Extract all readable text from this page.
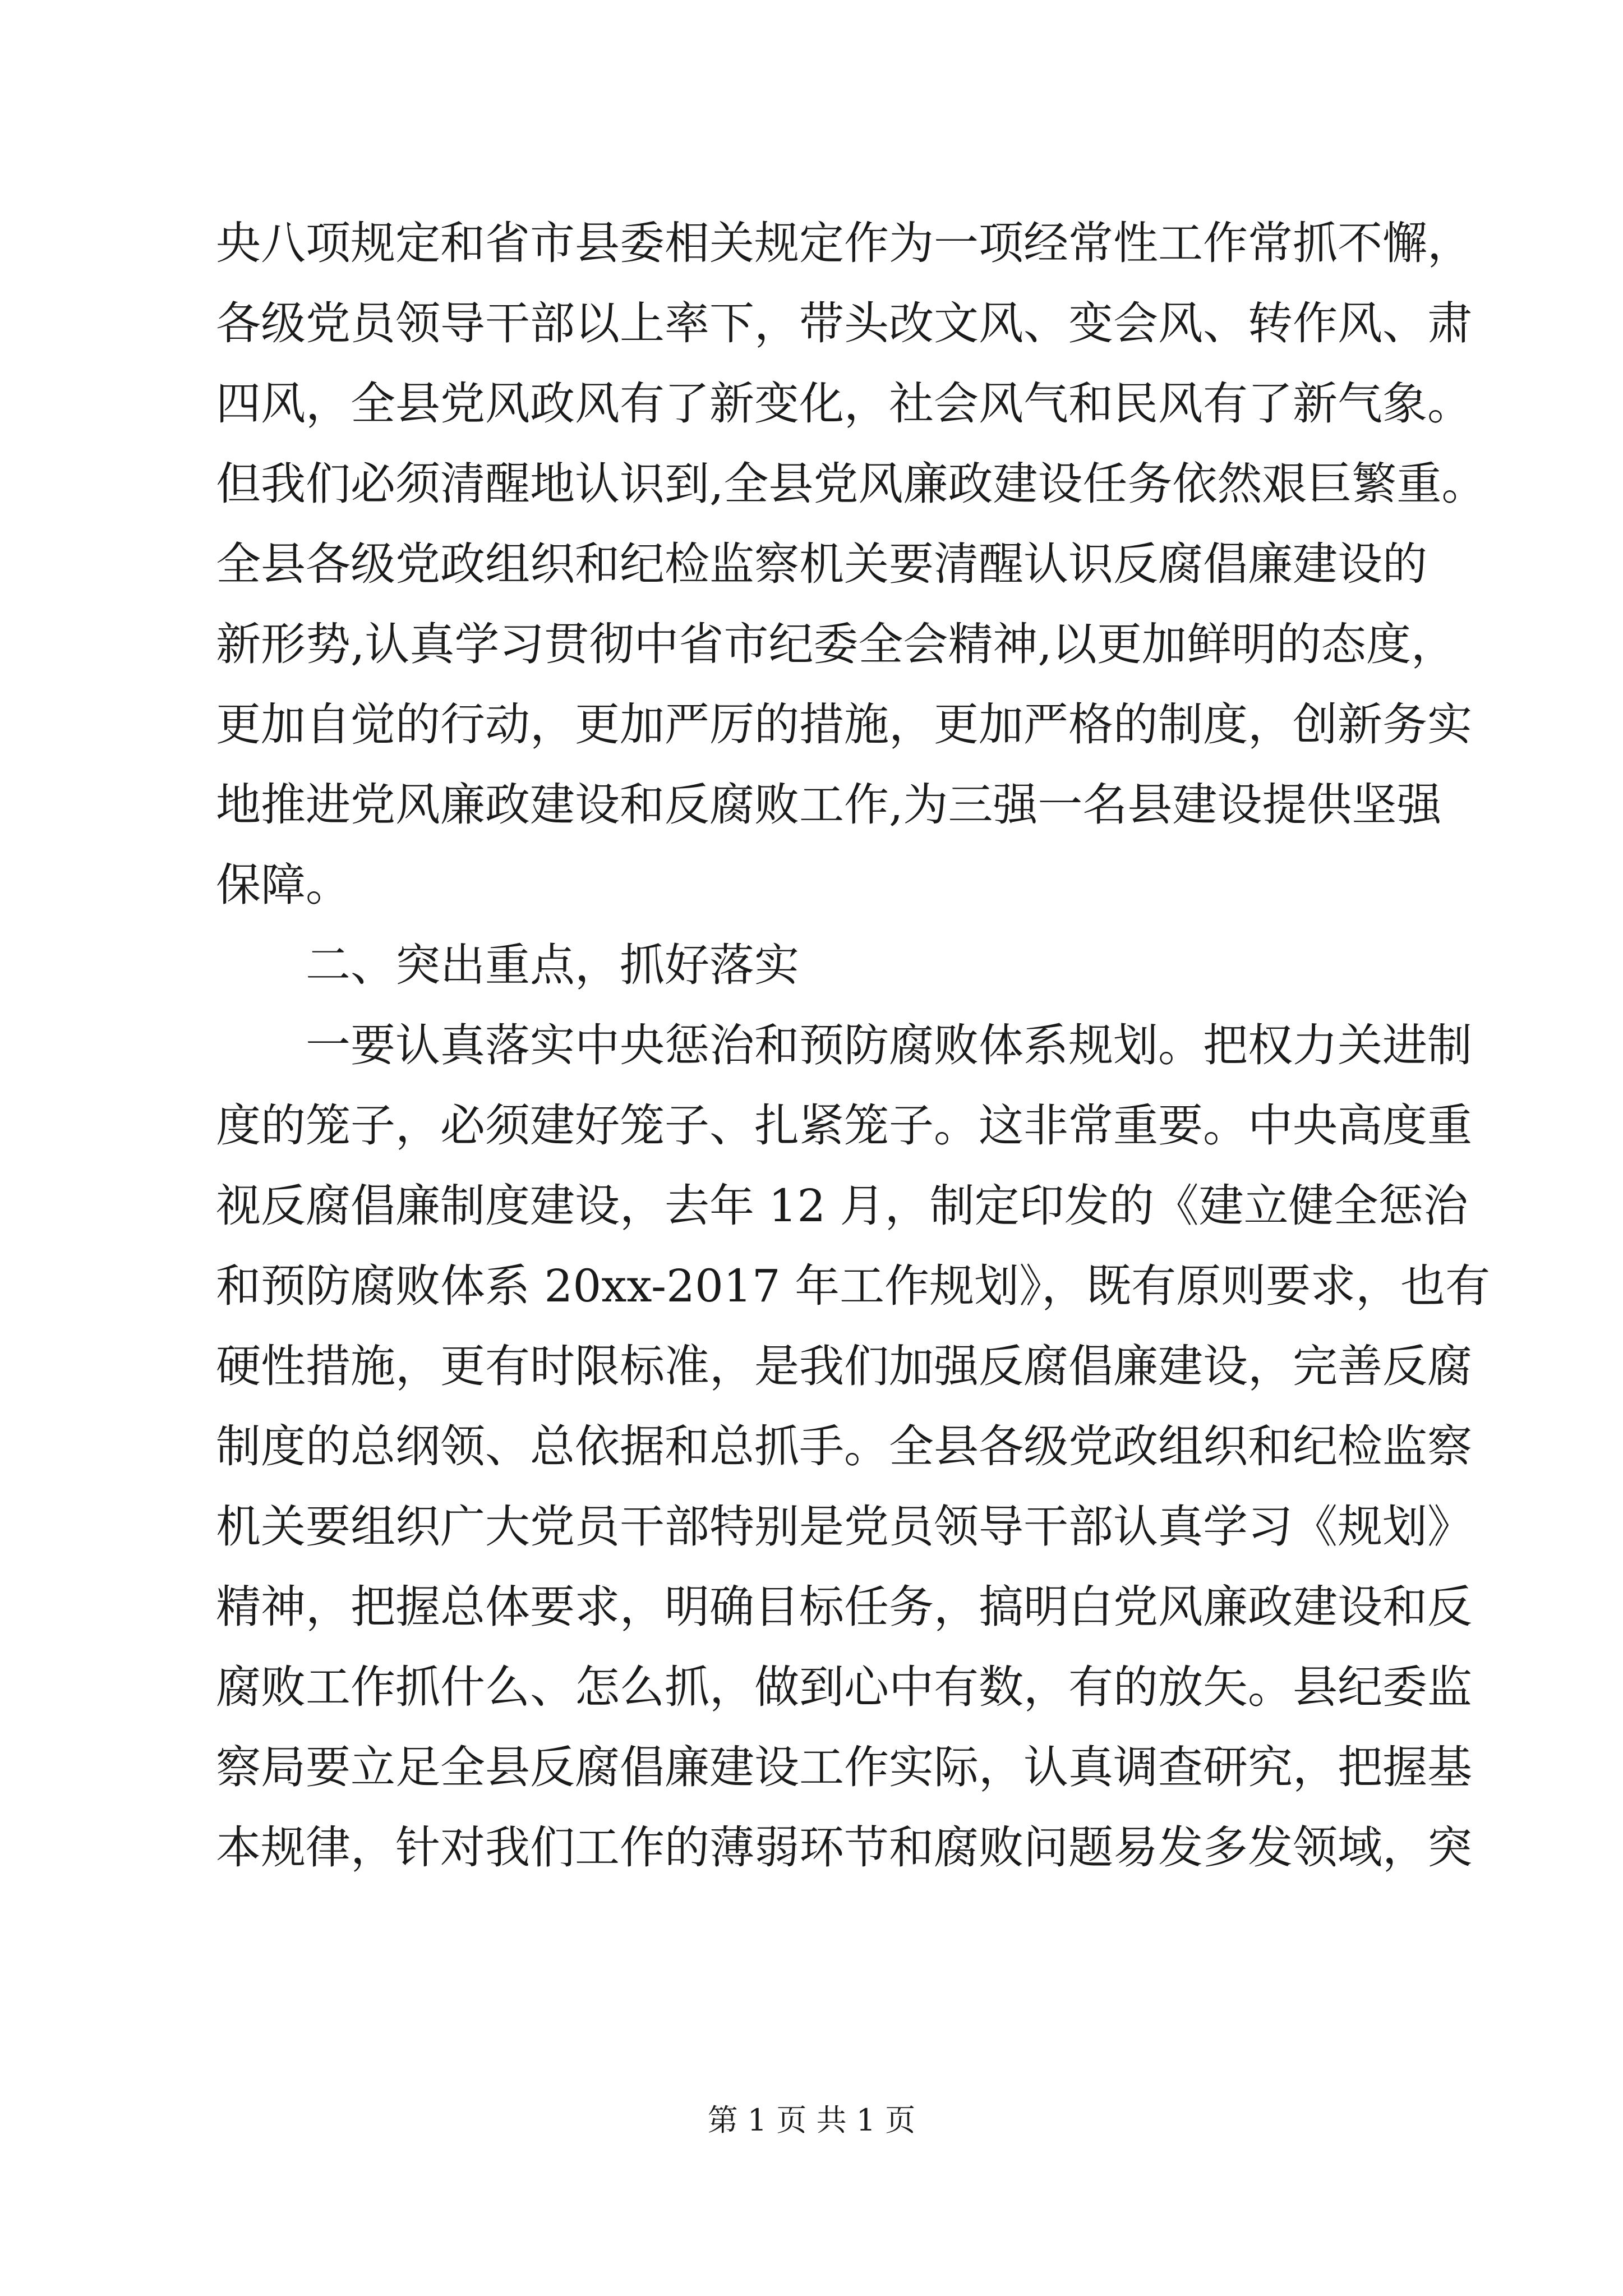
央八项规定和省市县委相关规定作为一项经常性工作常抓不懈，
各级党员领导干部以上率下，带头改文风、变会风、转作风、肃
四风，全县党风政风有了新变化，社会风气和民风有了新气象。
但我们必须清醒地认识到,全县党风廉政建设任务依然艰巨繁重。
全县各级党政组织和纪检监察机关要清醒认识反腐倡廉建设的
新形势,认真学习贯彻中省市纪委全会精神,以更加鲜明的态度，
更加自觉的行动，更加严厉的措施，更加严格的制度，创新务实
地推进党风廉政建设和反腐败工作,为三强一名县建设提供坚强
保障。
二、突出重点，抓好落实
一要认真落实中央惩治和预防腐败体系规划。把权力关进制
度的笼子，必须建好笼子、扎紧笼子。这非常重要。中央高度重
视反腐倡廉制度建设，去年 12 月，制定印发的《建立健全惩治
和预防腐败体系 20xx-2017 年工作规划》，既有原则要求，也有
硬性措施，更有时限标准，是我们加强反腐倡廉建设，完善反腐
制度的总纲领、总依据和总抓手。全县各级党政组织和纪检监察
机关要组织广大党员干部特别是党员领导干部认真学习《规划》
精神，把握总体要求，明确目标任务，搞明白党风廉政建设和反
腐败工作抓什么、怎么抓，做到心中有数，有的放矢。县纪委监
察局要立足全县反腐倡廉建设工作实际，认真调查研究，把握基
本规律，针对我们工作的薄弱环节和腐败问题易发多发领域，突
第 1 页 共 1 页
